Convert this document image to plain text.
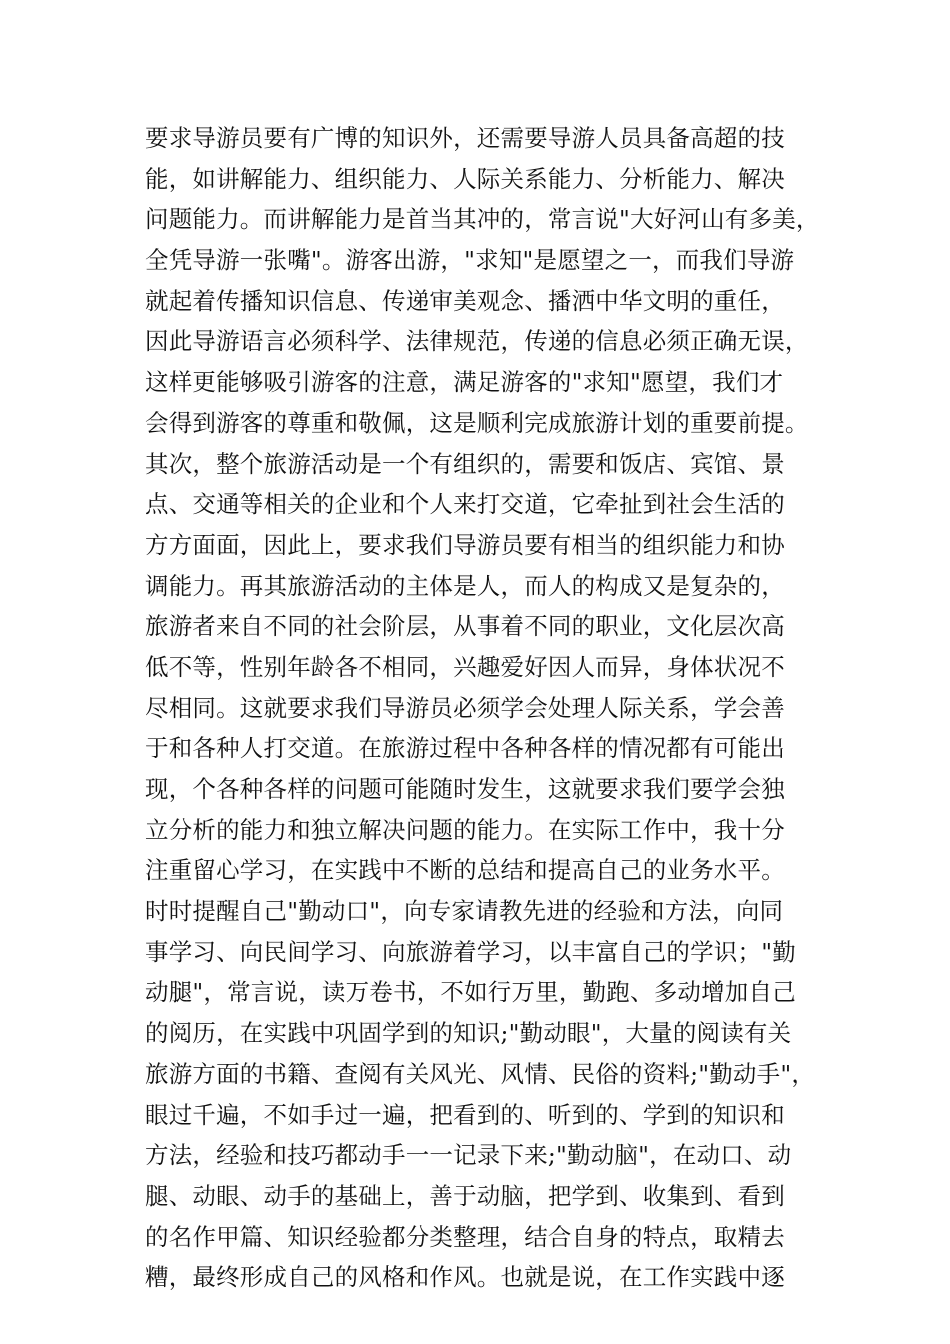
要求导游员要有广博的知识外，还需要导游人员具备高超的技
能，如讲解能力、组织能力、人际关系能力、分析能力、解决
问题能力。而讲解能力是首当其冲的，常言说"大好河山有多美，
全凭导游一张嘴"。游客出游，"求知"是愿望之一，而我们导游
就起着传播知识信息、传递审美观念、播洒中华文明的重任，
因此导游语言必须科学、法律规范，传递的信息必须正确无误，
这样更能够吸引游客的注意，满足游客的"求知"愿望，我们才
会得到游客的尊重和敬佩，这是顺利完成旅游计划的重要前提。
其次，整个旅游活动是一个有组织的，需要和饭店、宾馆、景
点、交通等相关的企业和个人来打交道，它牵扯到社会生活的
方方面面，因此上，要求我们导游员要有相当的组织能力和协
调能力。再其旅游活动的主体是人，而人的构成又是复杂的，
旅游者来自不同的社会阶层，从事着不同的职业，文化层次高
低不等，性别年龄各不相同，兴趣爱好因人而异，身体状况不
尽相同。这就要求我们导游员必须学会处理人际关系，学会善
于和各种人打交道。在旅游过程中各种各样的情况都有可能出
现，个各种各样的问题可能随时发生，这就要求我们要学会独
立分析的能力和独立解决问题的能力。在实际工作中，我十分
注重留心学习，在实践中不断的总结和提高自己的业务水平。
时时提醒自己"勤动口"，向专家请教先进的经验和方法，向同
事学习、向民间学习、向旅游着学习，以丰富自己的学识；"勤
动腿"，常言说，读万卷书，不如行万里，勤跑、多动增加自己
的阅历，在实践中巩固学到的知识;"勤动眼"，大量的阅读有关
旅游方面的书籍、查阅有关风光、风情、民俗的资料;"勤动手"，
眼过千遍，不如手过一遍，把看到的、听到的、学到的知识和
方法，经验和技巧都动手一一记录下来;"勤动脑"，在动口、动
腿、动眼、动手的基础上，善于动脑，把学到、收集到、看到
的名作甲篇、知识经验都分类整理，结合自身的特点，取精去
糟，最终形成自己的风格和作风。也就是说，在工作实践中逐
